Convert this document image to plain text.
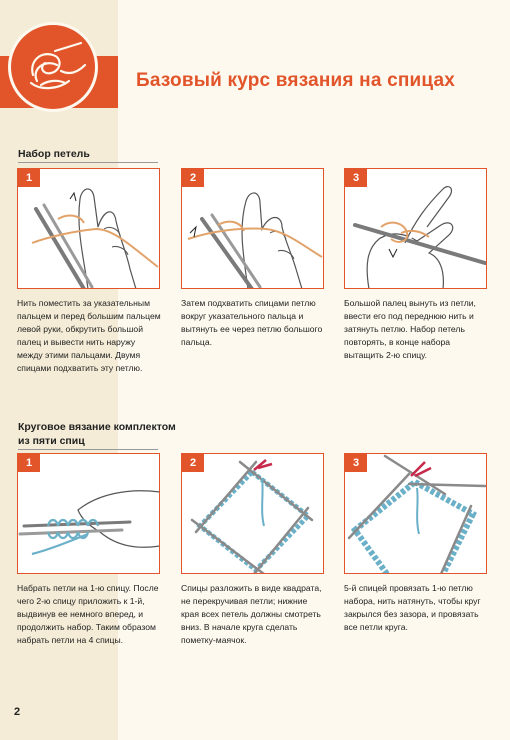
Базовый курс вязания на спицах
Набор петель
1	2	3

Нить поместить за указательным пальцем и перед большим пальцем левой руки, обкрутить большой палец и вывести нить наружу между этими пальцами. Двумя спицами подхватить эту петлю.

Затем подхватить спицами петлю вокруг указательного пальца и вытянуть ее через петлю большого пальца.

Большой палец вынуть из петли, ввести его под переднюю нить и затянуть петлю. Набор петель повторять, в конце набора вытащить 2-ю спицу.

Круговое вязание комплектом из пяти спиц
1	2	3

Набрать петли на 1-ю спицу. После чего 2-ю спицу приложить к 1-й, выдвинув ее немного вперед, и продолжить набор. Таким образом набрать петли на 4 спицы.

Спицы разложить в виде квадрата, не перекручивая петли; нижние края всех петель должны смотреть вниз. В начале круга сделать пометку-маячок.

5-й спицей провязать 1-ю петлю набора, нить натянуть, чтобы круг закрылся без зазора, и провязать все петли круга.

2
